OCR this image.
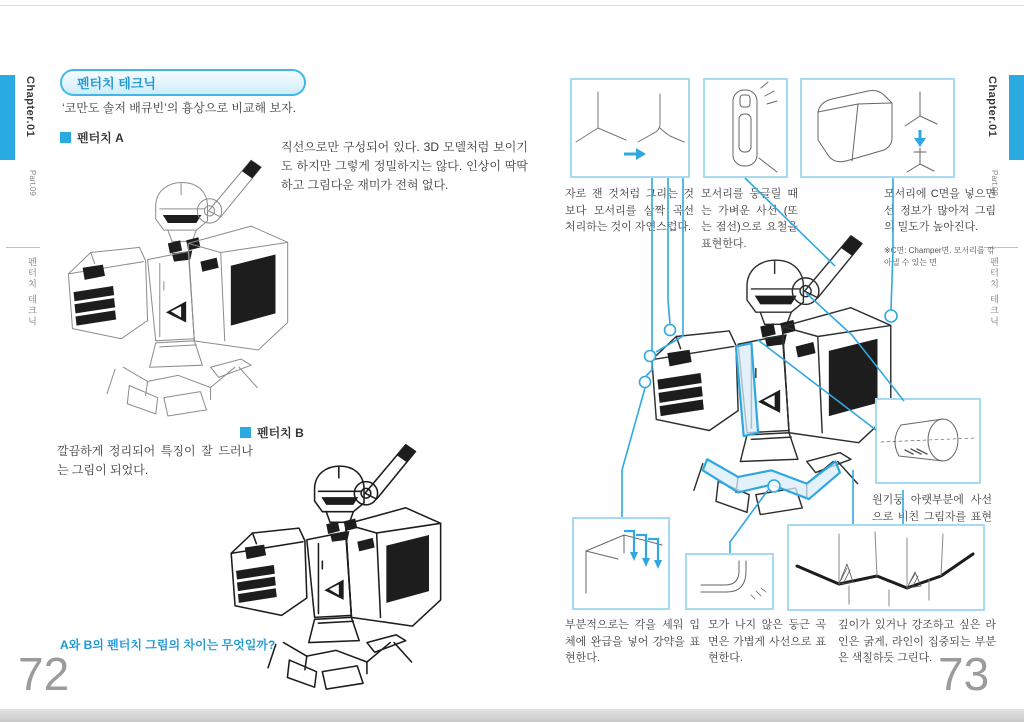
Chapter.01
Part.09
펜터치 테크닉
Chapter.01
Part.09
펜터치 테크닉
펜터치 테크닉
‘코만도 솔저 배큐빈’의 흉상으로 비교해 보자.
펜터치 A
직선으로만 구성되어 있다. 3D 모델처럼 보이기도 하지만 그렇게 정밀하지는 않다. 인상이 딱딱하고 그림다운 재미가 전혀 없다.
펜터치 B
깔끔하게 정리되어 특징이 잘 드러나는 그림이 되었다.
A와 B의 펜터치 그림의 차이는 무엇일까?
72
자로 잰 것처럼 그리는 것보다 모서리를 살짝 곡선 처리하는 것이 자연스럽다.
모서리를 둥글릴 때는 가벼운 사선 (또는 점선)으로 요철을 표현한다.
모서리에 C면을 넣으면 선 정보가 많아져 그림의 밀도가 높아진다.
※C면: Champer면. 모서리를 깎아낼 수 있는 면
원기둥 아랫부분에 사선으로 비친 그림자를 표현
부분적으로는 각을 세워 입체에 완급을 넣어 강약을 표현한다.
모가 나지 않은 둥근 곡면은 가볍게 사선으로 표현한다.
깊이가 있거나 강조하고 싶은 라인은 굵게, 라인이 집중되는 부분은 색칠하듯 그린다. 73
